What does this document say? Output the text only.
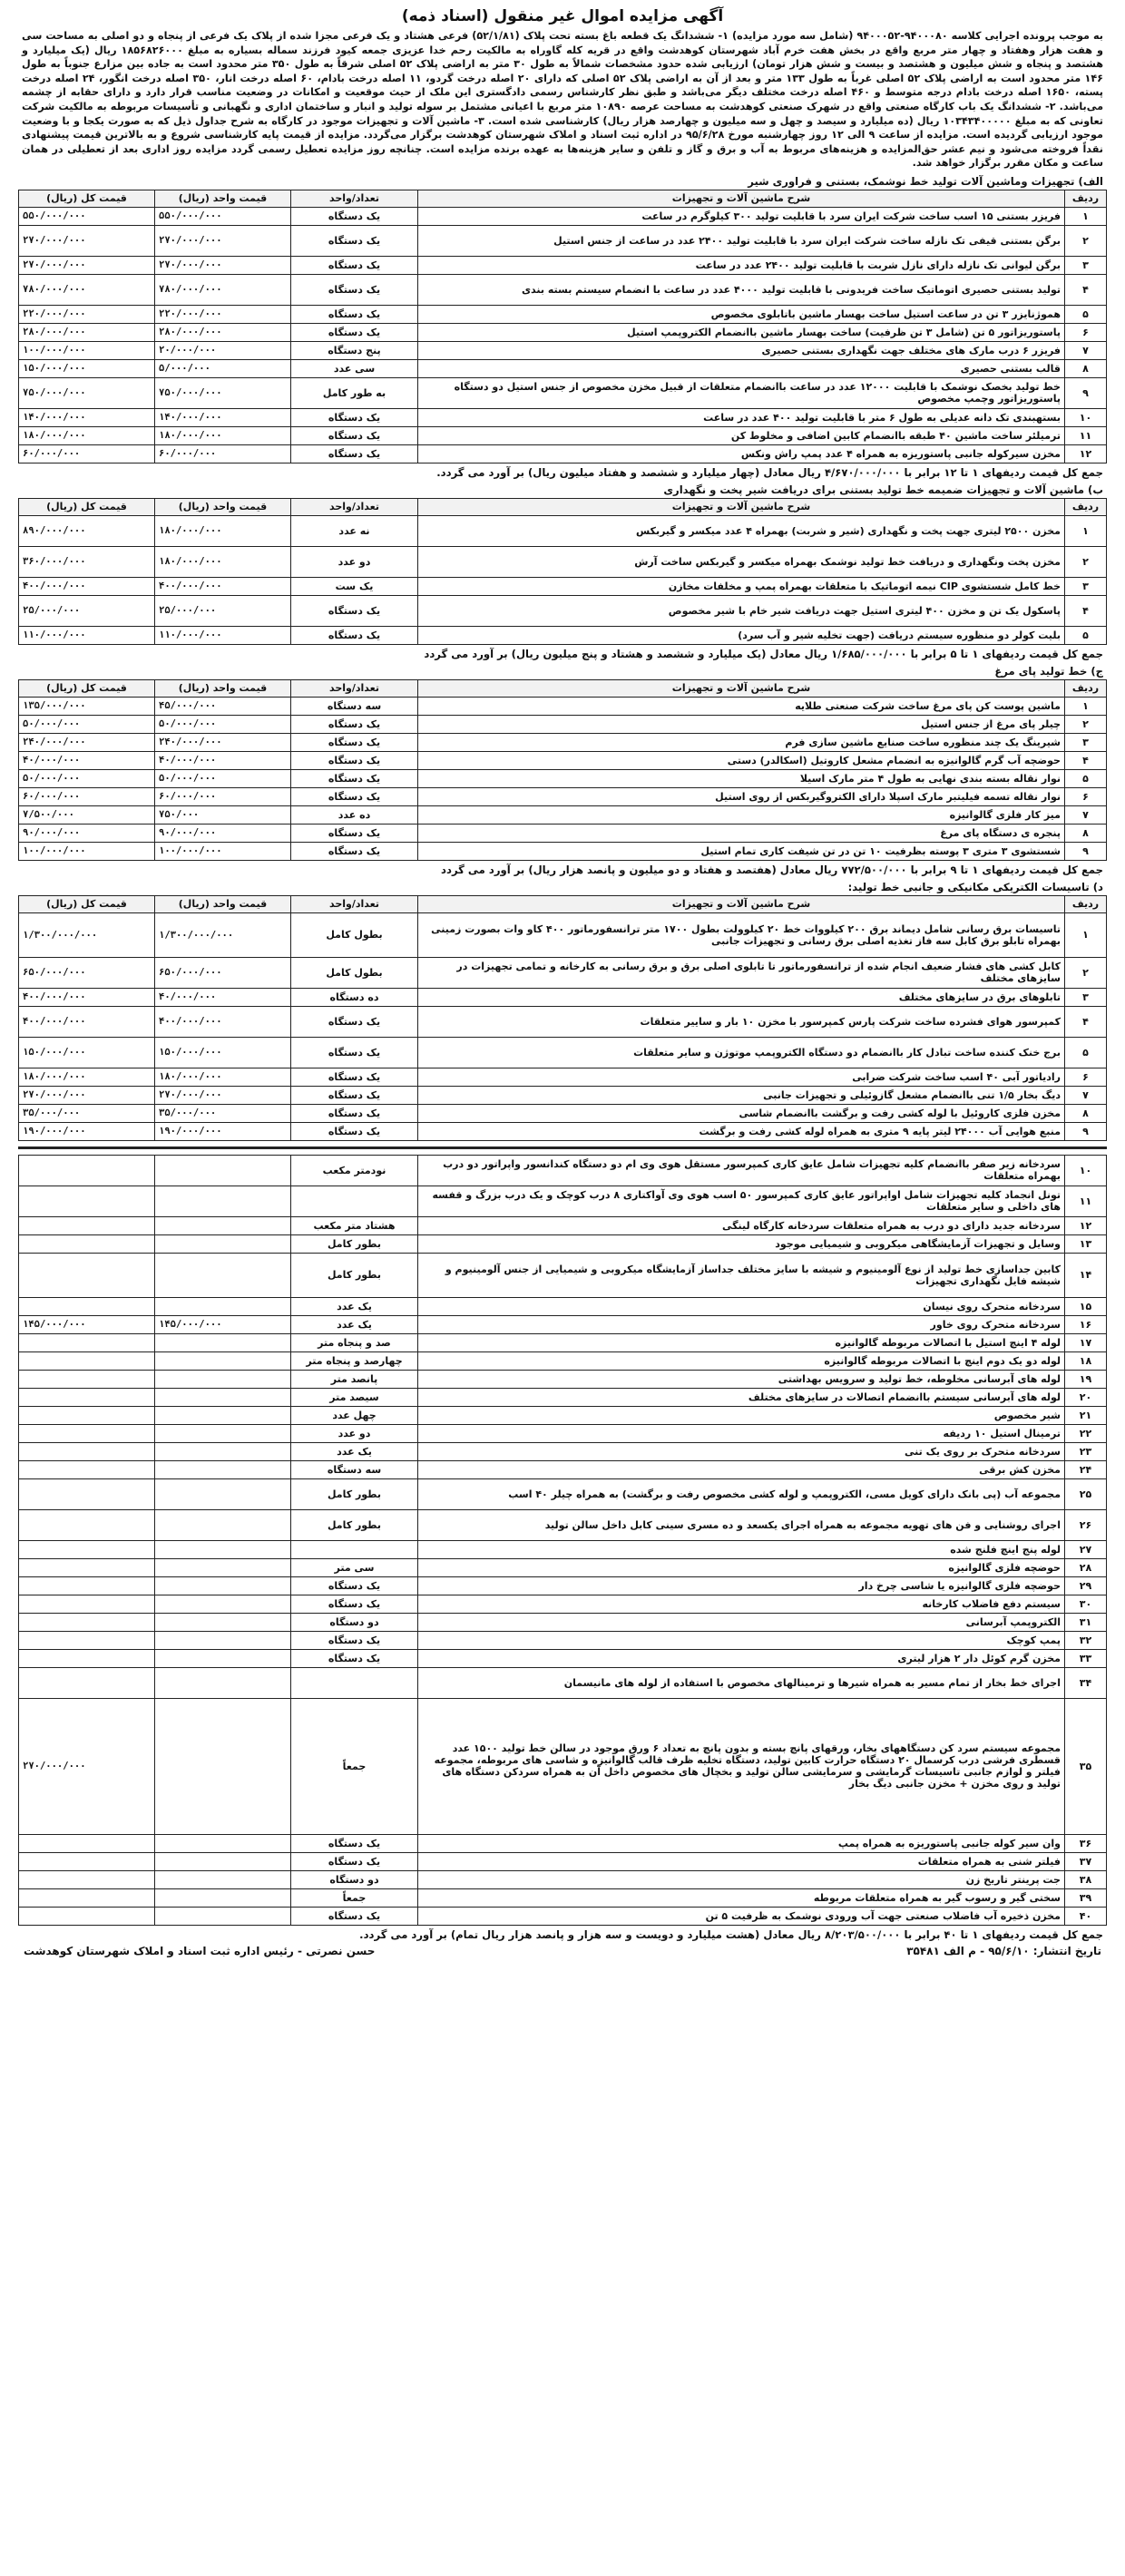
آگهی مزایده اموال غیر منقول (اسناد ذمه)
به موجب پرونده اجرایی کلاسه ۹۴۰۰۰۸۰-۹۴۰۰۰۵۲ (شامل سه مورد مزایده) ۱- ششدانگ یک قطعه باغ بسته تحت پلاک (۵۲/۱/۸۱) فرعی هشتاد و یک فرعی مجزا شده از پلاک یک فرعی از پنجاه و دو اصلی به مساحت سی و هفت هزار وهفتاد و چهار متر مربع واقع در بخش هفت خرم آباد شهرستان کوهدشت واقع در قریه کله گاوراه به مالکیت رحم خدا عزیزی جمعه کیود فرزند سماله بسیاره به مبلغ ۱۸۵۶۸۲۶۰۰۰ ریال (یک میلیارد و هشتصد و پنجاه و شش میلیون و هشتصد و بیست و شش هزار تومان) ارزیابی شده حدود مشخصات شمالاً به طول ۳۰ متر به اراضی پلاک ۵۲ اصلی شرقاً به طول ۳۵۰ متر محدود است به جاده بین مزارع جنوباً به طول ۱۴۶ متر محدود است به اراضی پلاک ۵۲ اصلی غرباً به طول ۱۳۳ متر و بعد از آن به اراضی پلاک ۵۲ اصلی که دارای ۲۰ اصله درخت گردو، ۱۱ اصله درخت بادام، ۶۰ اصله درخت انار، ۳۵۰ اصله درخت انگور، ۲۴ اصله درخت پسته، ۱۶۵۰ اصله درخت بادام درجه متوسط و ۴۶۰ اصله درخت مختلف دیگر می‌باشد و طبق نظر کارشناس رسمی دادگستری این ملک از حیث موقعیت و امکانات در وضعیت مناسب قرار دارد و دارای حقابه از چشمه می‌باشد. ۲- ششدانگ یک باب کارگاه صنعتی واقع در شهرک صنعتی کوهدشت به مساحت عرصه ۱۰۸۹۰ متر مربع با اعیانی مشتمل بر سوله تولید و انبار و ساختمان اداری و نگهبانی و تأسیسات مربوطه به مالکیت شرکت تعاونی که به مبلغ ۱۰۳۴۳۴۰۰۰۰۰ ریال (ده میلیارد و سیصد و چهل و سه میلیون و چهارصد هزار ریال) کارشناسی شده است. ۳- ماشین آلات و تجهیزات موجود در کارگاه به شرح جداول ذیل که به صورت یکجا و با وضعیت موجود ارزیابی گردیده است. مزایده از ساعت ۹ الی ۱۲ روز چهارشنبه مورخ ۹۵/۶/۲۸ در اداره ثبت اسناد و املاک شهرستان کوهدشت برگزار می‌گردد. مزایده از قیمت پایه کارشناسی شروع و به بالاترین قیمت پیشنهادی نقداً فروخته می‌شود و نیم عشر حق‌المزایده و هزینه‌های مربوط به آب و برق و گاز و تلفن و سایر هزینه‌ها به عهده برنده مزایده است. چنانچه روز مزایده تعطیل رسمی گردد مزایده روز اداری بعد از تعطیلی در همان ساعت و مکان مقرر برگزار خواهد شد.
الف) تجهیزات وماشین آلات تولید خط نوشمک، بستنی و فراوری شیر
ردیف	شرح ماشین آلات و تجهیزات	تعداد/واحد	قیمت واحد (ریال)	قیمت کل (ریال)
۱	فریزر بستنی ۱۵ اسب ساخت شرکت ایران سرد با قابلیت تولید ۳۰۰ کیلوگرم در ساعت	یک دستگاه	۵۵۰/۰۰۰/۰۰۰	۵۵۰/۰۰۰/۰۰۰
۲	برگن بستنی قیفی تک نازله ساخت شرکت ایران سرد با قابلیت تولید ۲۴۰۰ عدد در ساعت از جنس استیل	یک دستگاه	۲۷۰/۰۰۰/۰۰۰	۲۷۰/۰۰۰/۰۰۰
۳	برگن لیوانی تک نازله دارای نازل شربت با قابلیت تولید ۲۴۰۰ عدد در ساعت	یک دستگاه	۲۷۰/۰۰۰/۰۰۰	۲۷۰/۰۰۰/۰۰۰
۴	تولید بستنی حصیری اتوماتیک ساخت فریدونی با قابلیت تولید ۴۰۰۰ عدد در ساعت با انضمام سیستم بسته بندی	یک دستگاه	۷۸۰/۰۰۰/۰۰۰	۷۸۰/۰۰۰/۰۰۰
۵	هموژنایزر ۳ تن در ساعت استیل ساخت بهسار ماشین باتابلوی مخصوص	یک دستگاه	۲۲۰/۰۰۰/۰۰۰	۲۲۰/۰۰۰/۰۰۰
۶	پاستوریزاتور ۵ تن (شامل ۳ تن ظرفیت) ساخت بهسار ماشین باانضمام الکتروپمپ استیل	یک دستگاه	۲۸۰/۰۰۰/۰۰۰	۲۸۰/۰۰۰/۰۰۰
۷	فریزر ۶ درب مارک های مختلف جهت نگهداری بستنی حصیری	پنج دستگاه	۲۰/۰۰۰/۰۰۰	۱۰۰/۰۰۰/۰۰۰
۸	قالب بستنی حصیری	سی عدد	۵/۰۰۰/۰۰۰	۱۵۰/۰۰۰/۰۰۰
۹	خط تولید بخصک نوشمک با قابلیت ۱۲۰۰۰ عدد در ساعت باانضمام متعلقات از قبیل مخزن مخصوص از جنس استیل دو دستگاه پاستوریزاتور وچمپ مخصوص	به طور کامل	۷۵۰/۰۰۰/۰۰۰	۷۵۰/۰۰۰/۰۰۰
۱۰	بستهبندی تک دانه عدیلی به طول ۶ متر با قابلیت تولید ۴۰۰ عدد در ساعت	یک دستگاه	۱۴۰/۰۰۰/۰۰۰	۱۴۰/۰۰۰/۰۰۰
۱۱	ترمیلئر ساخت ماشین ۴۰ طبقه باانضمام کابین اضافی و مخلوط کن	یک دستگاه	۱۸۰/۰۰۰/۰۰۰	۱۸۰/۰۰۰/۰۰۰
۱۲	مخزن سیرکوله جانبی پاستوریزه به همراه ۴ عدد پمپ راش ونکس	یک دستگاه	۶۰/۰۰۰/۰۰۰	۶۰/۰۰۰/۰۰۰
جمع کل قیمت ردیفهای ۱ تا ۱۲ برابر با ۴/۶۷۰/۰۰۰/۰۰۰ ریال معادل (چهار میلیارد و ششصد و هفتاد میلیون ریال) بر آورد می گردد.
ب) ماشین آلات و تجهیزات ضمیمه خط تولید بستنی برای دریافت شیر پخت و نگهداری
ردیف	شرح ماشین آلات و تجهیزات	تعداد/واحد	قیمت واحد (ریال)	قیمت کل (ریال)
۱	مخزن ۲۵۰۰ لیتری جهت پخت و نگهداری (شیر و شربت) بهمراه ۴ عدد میکسر و گیربکس	نه عدد	۱۸۰/۰۰۰/۰۰۰	۸۹۰/۰۰۰/۰۰۰
۲	مخزن پخت ونگهداری و دریافت خط تولید نوشمک بهمراه میکسر و گیربکس ساخت آرش	دو عدد	۱۸۰/۰۰۰/۰۰۰	۳۶۰/۰۰۰/۰۰۰
۳	خط کامل شستشوی CIP نیمه اتوماتیک با متعلقات بهمراه پمپ و مخلفات مخازن	یک ست	۴۰۰/۰۰۰/۰۰۰	۴۰۰/۰۰۰/۰۰۰
۴	پاسکول یک تن و مخزن ۴۰۰ لیتری استیل جهت دریافت شیر خام با شیر مخصوص	یک دستگاه	۲۵/۰۰۰/۰۰۰	۲۵/۰۰۰/۰۰۰
۵	بلیت کولر دو منظوره سیستم دریافت (جهت تخلیه شیر و آب سرد)	یک دستگاه	۱۱۰/۰۰۰/۰۰۰	۱۱۰/۰۰۰/۰۰۰
جمع کل قیمت ردیفهای ۱ تا ۵ برابر با ۱/۶۸۵/۰۰۰/۰۰۰ ریال معادل (یک میلیارد و ششصد و هشتاد و پنج میلیون ریال) بر آورد می گردد
ج) خط تولید پای مرغ
ردیف	شرح ماشین آلات و تجهیزات	تعداد/واحد	قیمت واحد (ریال)	قیمت کل (ریال)
۱	ماشین پوست کن پای مرغ ساخت شرکت صنعتی طلایه	سه دستگاه	۴۵/۰۰۰/۰۰۰	۱۳۵/۰۰۰/۰۰۰
۲	چیلر پای مرغ از جنس استیل	یک دستگاه	۵۰/۰۰۰/۰۰۰	۵۰/۰۰۰/۰۰۰
۳	شیرینگ یک چند منظوره ساخت صنایع ماشین سازی فرم	یک دستگاه	۲۴۰/۰۰۰/۰۰۰	۲۴۰/۰۰۰/۰۰۰
۴	حوضچه آب گرم گالوانیزه به انضمام مشعل کاروتیل (اسکالدر) دستی	یک دستگاه	۴۰/۰۰۰/۰۰۰	۴۰/۰۰۰/۰۰۰
۵	نوار نقاله بسته بندی نهایی به طول ۴ متر مارک اسیلا	یک دستگاه	۵۰/۰۰۰/۰۰۰	۵۰/۰۰۰/۰۰۰
۶	نوار نقاله تسمه فیلیتبر مارک اسپلا دارای الکتروگیربکس از روی استیل	یک دستگاه	۶۰/۰۰۰/۰۰۰	۶۰/۰۰۰/۰۰۰
۷	میز کار فلزی گالوانیزه	ده عدد	۷۵۰/۰۰۰	۷/۵۰۰/۰۰۰
۸	پنجره ی دستگاه پای مرغ	یک دستگاه	۹۰/۰۰۰/۰۰۰	۹۰/۰۰۰/۰۰۰
۹	شستشوی ۳ متری ۳ پوسته بظرفیت ۱۰ تن در تن شیفت کاری تمام استیل	یک دستگاه	۱۰۰/۰۰۰/۰۰۰	۱۰۰/۰۰۰/۰۰۰
جمع کل قیمت ردیفهای ۱ تا ۹ برابر با ۷۷۲/۵۰۰/۰۰۰ ریال معادل (هفتصد و هفتاد و دو میلیون و پانصد هزار ریال) بر آورد می گردد
د) تاسیسات الکتریکی مکانیکی و جانبی خط تولید:
ردیف	شرح ماشین آلات و تجهیزات	تعداد/واحد	قیمت واحد (ریال)	قیمت کل (ریال)
۱	تاسیسات برق رسانی شامل دیماند برق ۲۰۰ کیلووات خط ۲۰ کیلوولت بطول ۱۷۰۰ متر ترانسفورماتور ۴۰۰ کاو وات بصورت زمینی بهمراه تابلو برق کابل سه فاز تغذیه اصلی برق رسانی و تجهیزات جانبی	بطول کامل	۱/۳۰۰/۰۰۰/۰۰۰	۱/۳۰۰/۰۰۰/۰۰۰
۲	کابل کشی های فشار ضعیف انجام شده از ترانسفورماتور تا تابلوی اصلی برق و برق رسانی به کارخانه و تمامی تجهیزات در سایزهای مختلف	بطول کامل	۶۵۰/۰۰۰/۰۰۰	۶۵۰/۰۰۰/۰۰۰
۳	تابلوهای برق در سایزهای مختلف	ده دستگاه	۴۰/۰۰۰/۰۰۰	۴۰۰/۰۰۰/۰۰۰
۴	کمپرسور هوای فشرده ساخت شرکت پارس کمپرسور با مخزن ۱۰ بار و ساییر متعلقات	یک دستگاه	۴۰۰/۰۰۰/۰۰۰	۴۰۰/۰۰۰/۰۰۰
۵	برج خنک کننده ساخت تبادل کار باانضمام دو دستگاه الکتروپمپ موتوژن و سایر متعلقات	یک دستگاه	۱۵۰/۰۰۰/۰۰۰	۱۵۰/۰۰۰/۰۰۰
۶	رادیاتور آبی ۴۰ اسب ساخت شرکت ضرابی	یک دستگاه	۱۸۰/۰۰۰/۰۰۰	۱۸۰/۰۰۰/۰۰۰
۷	دیگ بخار ۱/۵ تنی باانضمام مشعل گازوئیلی و تجهیزات جانبی	یک دستگاه	۲۷۰/۰۰۰/۰۰۰	۲۷۰/۰۰۰/۰۰۰
۸	مخزن فلزی کاروئیل با لوله کشی رفت و برگشت باانضمام شاسی	یک دستگاه	۳۵/۰۰۰/۰۰۰	۳۵/۰۰۰/۰۰۰
۹	منبع هوایی آب ۲۴۰۰۰ لیتر پایه ۹ متری به همراه لوله کشی رفت و برگشت	یک دستگاه	۱۹۰/۰۰۰/۰۰۰	۱۹۰/۰۰۰/۰۰۰
۱۰	سردخانه زیر صفر باانضمام کلیه تجهیزات شامل عایق کاری کمپرسور مستقل هوی وی ام دو دستگاه کندانسور واپراتور دو درب بهمراه متعلقات	نودمتر مکعب		
۱۱	تونل انجماد کلیه تجهیزات شامل اواپراتور عایق کاری کمپرسور ۵۰ اسب هوی وی آواکتاری ۸ درب کوچک و یک درب بزرگ و قفسه های داخلی و سایر متعلقات			
۱۲	سردخانه جدید دارای دو درب به همراه متعلقات سردخانه کارگاه لینگی	هشتاد متر مکعب		
۱۳	وسایل و تجهیزات آزمایشگاهی میکروبی و شیمیایی موجود	بطور کامل		
۱۴	کابین جداسازی خط تولید از نوع آلومینیوم و شیشه با سایز مختلف جداساز آزمایشگاه میکروبی و شیمیایی از جنس آلومینیوم و شیشه فایل نگهداری تجهیزات	بطور کامل		
۱۵	سردخانه متحرک روی نیسان	یک عدد		
۱۶	سردخانه متحرک روی خاور	یک عدد	۱۴۵/۰۰۰/۰۰۰	۱۴۵/۰۰۰/۰۰۰
۱۷	لوله ۴ اینچ استیل با اتصالات مربوطه گالوانیزه	صد و پنجاه متر		
۱۸	لوله دو یک دوم اینچ با اتصالات مربوطه گالوانیزه	چهارصد و پنجاه متر		
۱۹	لوله های آبرسانی مخلوطه، خط تولید و سرویس بهداشتی	پانصد متر		
۲۰	لوله های آبرسانی سیستم باانضمام اتصالات در سایزهای مختلف	سیصد متر		
۲۱	شیر مخصوص	چهل عدد		
۲۲	ترمینال استیل ۱۰ ردیفه	دو عدد		
۲۳	سردخانه متحرک بر روی یک تنی	یک عدد		
۲۴	مخزن کش برقی	سه دستگاه		
۲۵	مجموعه آب (پی بانک دارای کویل مسی، الکتروپمپ و لوله کشی مخصوص رفت و برگشت) به همراه چیلر ۴۰ اسب	بطور کامل		
۲۶	اجرای روشنایی و فن های تهویه مجموعه به همراه اجرای یکسعد و ده مسری سینی کابل داخل سالن تولید	بطور کامل		
۲۷	لوله پنج اینچ فلنج شده			
۲۸	حوضچه فلزی گالوانیزه	سی متر		
۲۹	حوضچه فلزی گالوانیزه یا شاسی چرخ دار	یک دستگاه		
۳۰	سیستم دفع فاضلاب کارخانه	یک دستگاه		
۳۱	الکتروپمپ آبرسانی	دو دستگاه		
۳۲	پمپ کوچک	یک دستگاه		
۳۳	مخزن گرم کوئل دار ۲ هزار لیتری	یک دستگاه		
۳۴	اجرای خط بخار از تمام مسیر به همراه شیرها و ترمینالهای مخصوص با استفاده از لوله های مانیسمان			
۳۵	مجموعه سیستم سرد کن دستگاههای بخار، ورقهای پانچ بسته و بدون پانچ به تعداد ۶ ورق موجود در سالن خط تولید ۱۵۰۰ عدد قسطری فرشی درب کرسمال ۲۰ دستگاه حرارت کابین تولید، دستگاه تخلیه ظرف قالب گالوانیزه و شاسی های مربوطه، مجموعه فیلتر و لوازم جانبی تاسیسات گرمایشی و سرمایشی سالن تولید و بخچال های مخصوص داخل آن به همراه سردکن دستگاه های تولید و روی مخزن + مخزن جانبی دیگ بخار	جمعاً		۲۷۰/۰۰۰/۰۰۰
۳۶	وان سیر کوله جانبی پاستوریزه به همراه پمپ	یک دستگاه		
۳۷	فیلتر شنی به همراه متعلقات	یک دستگاه		
۳۸	جت پرینتر تاریخ زن	دو دستگاه		
۳۹	سختی گیر و رسوب گیر به همراه متعلقات مربوطه	جمعاً		
۴۰	مخزن ذخیره آب فاضلاب صنعتی جهت آب ورودی نوشمک به ظرفیت ۵ تن	یک دستگاه		
جمع کل قیمت ردیفهای ۱ تا ۴۰ برابر با ۸/۲۰۳/۵۰۰/۰۰۰ ریال معادل (هشت میلیارد و دویست و سه هزار و پانصد هزار ریال تمام) بر آورد می گردد.
تاریخ انتشار: ۹۵/۶/۱۰ - م الف ۳۵۴۸۱
حسن نصرتی - رئیس اداره ثبت اسناد و املاک شهرستان کوهدشت
